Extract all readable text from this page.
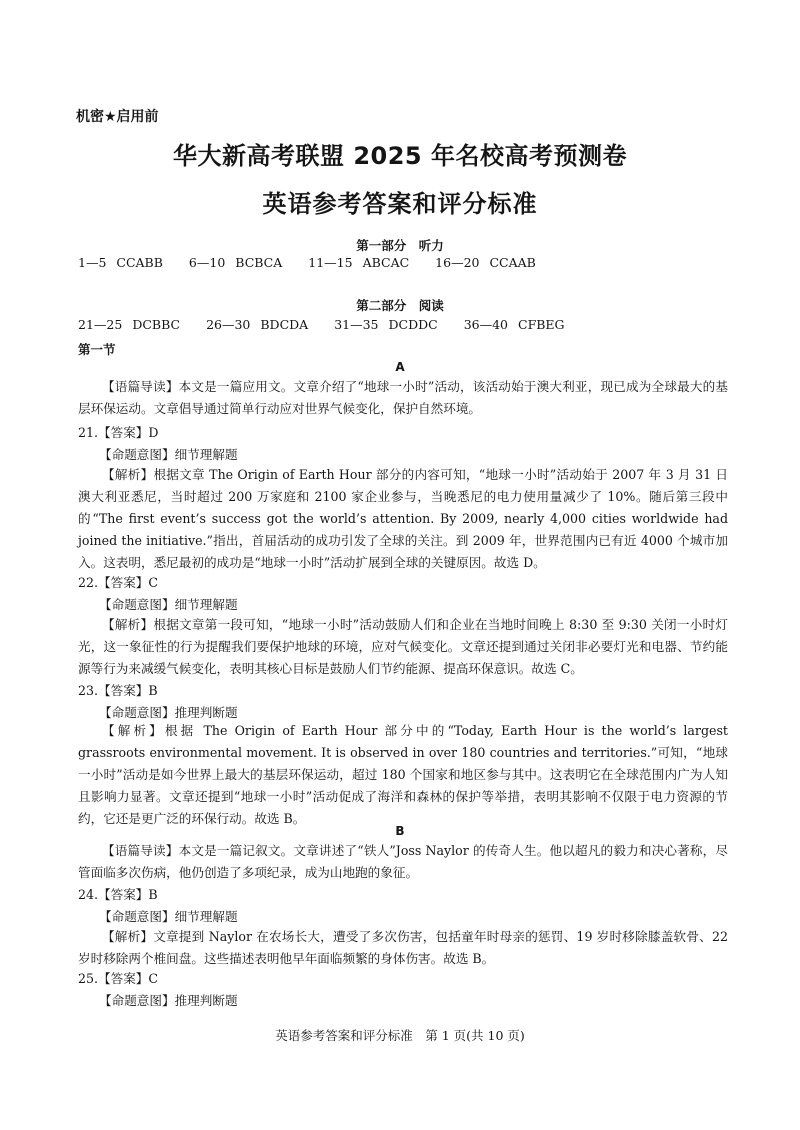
机密★启用前
华大新高考联盟 2025 年名校高考预测卷
英语参考答案和评分标准
第一部分　听力
1—5 CCABB 6—10 BCBCA 11—15 ABCAC 16—20 CCAAB
第二部分　阅读
21—25 DCBBC 26—30 BDCDA 31—35 DCDDC 36—40 CFBEG
第一节
A
【语篇导读】本文是一篇应用文。文章介绍了“地球一小时”活动，该活动始于澳大利亚，现已成为全球最大的基层环保运动。文章倡导通过简单行动应对世界气候变化，保护自然环境。
21.【答案】D
【命题意图】细节理解题
【解析】根据文章 The Origin of Earth Hour 部分的内容可知，“地球一小时”活动始于 2007 年 3 月 31 日澳大利亚悉尼，当时超过 200 万家庭和 2100 家企业参与，当晚悉尼的电力使用量减少了 10%。随后第三段中的“The first event’s success got the world’s attention. By 2009, nearly 4,000 cities worldwide had joined the initiative.”指出，首届活动的成功引发了全球的关注。到 2009 年，世界范围内已有近 4000 个城市加入。这表明，悉尼最初的成功是“地球一小时”活动扩展到全球的关键原因。故选 D。
22.【答案】C
【命题意图】细节理解题
【解析】根据文章第一段可知，“地球一小时”活动鼓励人们和企业在当地时间晚上 8:30 至 9:30 关闭一小时灯光，这一象征性的行为提醒我们要保护地球的环境，应对气候变化。文章还提到通过关闭非必要灯光和电器、节约能源等行为来减缓气候变化，表明其核心目标是鼓励人们节约能源、提高环保意识。故选 C。
23.【答案】B
【命题意图】推理判断题
【解析】根据 The Origin of Earth Hour 部分中的“Today, Earth Hour is the world’s largest grassroots environmental movement. It is observed in over 180 countries and territories.”可知，“地球一小时”活动是如今世界上最大的基层环保运动，超过 180 个国家和地区参与其中。这表明它在全球范围内广为人知且影响力显著。文章还提到“地球一小时”活动促成了海洋和森林的保护等举措，表明其影响不仅限于电力资源的节约，它还是更广泛的环保行动。故选 B。
B
【语篇导读】本文是一篇记叙文。文章讲述了“铁人”Joss Naylor 的传奇人生。他以超凡的毅力和决心著称，尽管面临多次伤病，他仍创造了多项纪录，成为山地跑的象征。
24.【答案】B
【命题意图】细节理解题
【解析】文章提到 Naylor 在农场长大，遭受了多次伤害，包括童年时母亲的惩罚、19 岁时移除膝盖软骨、22 岁时移除两个椎间盘。这些描述表明他早年面临频繁的身体伤害。故选 B。
25.【答案】C
【命题意图】推理判断题
英语参考答案和评分标准　第 1 页(共 10 页)
